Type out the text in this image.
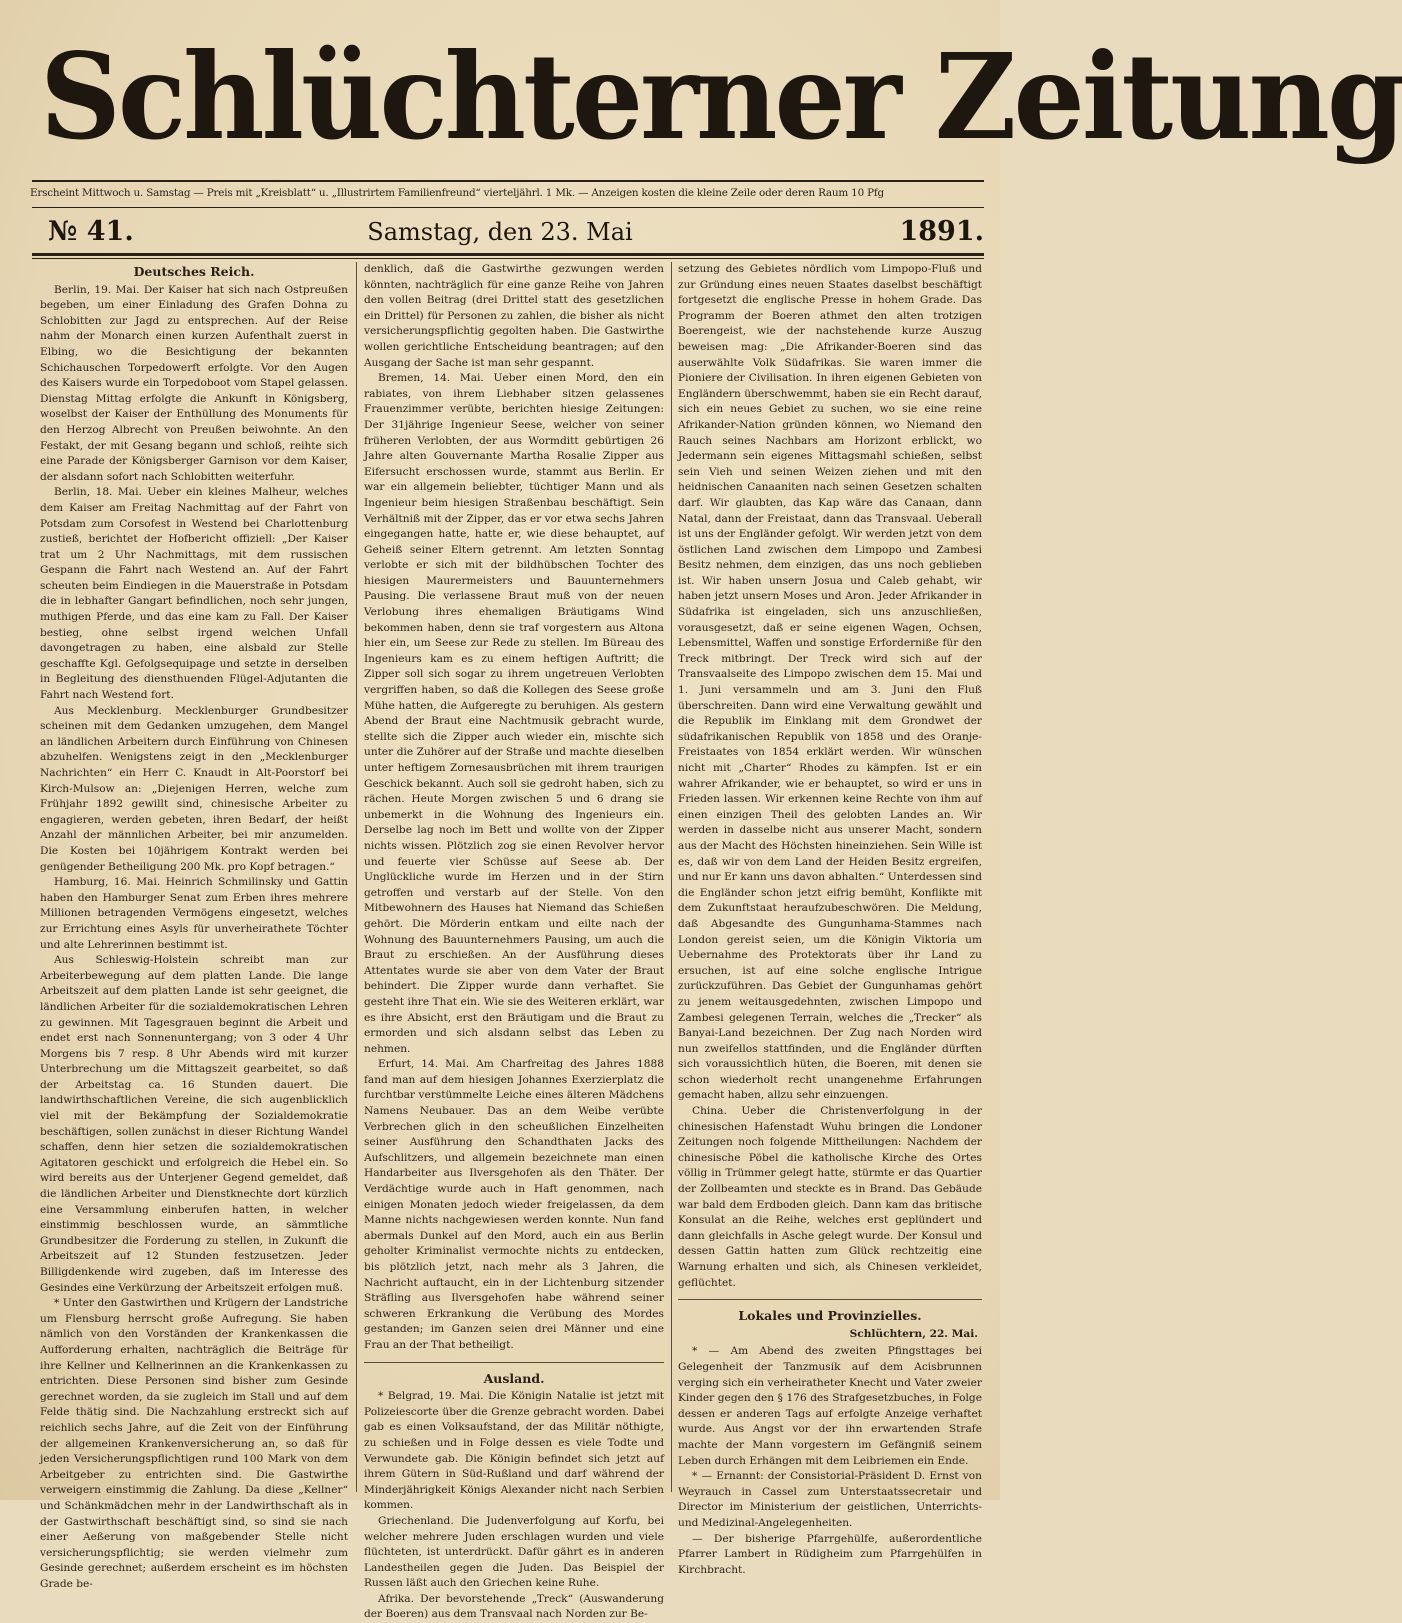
Schlüchterner Zeitung
Erscheint Mittwoch u. Samstag — Preis mit „Kreisblatt“ u. „Illustrirtem Familienfreund“ vierteljährl. 1 Mk. — Anzeigen kosten die kleine Zeile oder deren Raum 10 Pfg
№ 41.	Samstag, den 23. Mai	1891.
Deutsches Reich.

Berlin, 19. Mai. Der Kaiser hat sich nach Ostpreußen begeben, um einer Einladung des Grafen Dohna zu Schlobitten zur Jagd zu entsprechen. Auf der Reise nahm der Monarch einen kurzen Aufenthalt zuerst in Elbing, wo die Besichtigung der bekannten Schichauschen Torpedowerft erfolgte. Vor den Augen des Kaisers wurde ein Torpedoboot vom Stapel gelassen. Dienstag Mittag erfolgte die Ankunft in Königsberg, woselbst der Kaiser der Enthüllung des Monuments für den Herzog Albrecht von Preußen beiwohnte. An den Festakt, der mit Gesang begann und schloß, reihte sich eine Parade der Königsberger Garnison vor dem Kaiser, der alsdann sofort nach Schlobitten weiterfuhr.

Berlin, 18. Mai. Ueber ein kleines Malheur, welches dem Kaiser am Freitag Nachmittag auf der Fahrt von Potsdam zum Corsofest in Westend bei Charlottenburg zustieß, berichtet der Hofbericht offiziell: „Der Kaiser trat um 2 Uhr Nachmittags, mit dem russischen Gespann die Fahrt nach Westend an. Auf der Fahrt scheuten beim Eindiegen in die Mauerstraße in Potsdam die in lebhafter Gangart befindlichen, noch sehr jungen, muthigen Pferde, und das eine kam zu Fall. Der Kaiser bestieg, ohne selbst irgend welchen Unfall davongetragen zu haben, eine alsbald zur Stelle geschaffte Kgl. Gefolgsequipage und setzte in derselben in Begleitung des diensthuenden Flügel-Adjutanten die Fahrt nach Westend fort.

Aus Mecklenburg. Mecklenburger Grundbesitzer scheinen mit dem Gedanken umzugehen, dem Mangel an ländlichen Arbeitern durch Einführung von Chinesen abzuhelfen. Wenigstens zeigt in den „Mecklenburger Nachrichten“ ein Herr C. Knaudt in Alt-Poorstorf bei Kirch-Mulsow an: „Diejenigen Herren, welche zum Frühjahr 1892 gewillt sind, chinesische Arbeiter zu engagieren, werden gebeten, ihren Bedarf, der heißt Anzahl der männlichen Arbeiter, bei mir anzumelden. Die Kosten bei 10jährigem Kontrakt werden bei genügender Betheiligung 200 Mk. pro Kopf betragen.“

Hamburg, 16. Mai. Heinrich Schmilinsky und Gattin haben den Hamburger Senat zum Erben ihres mehrere Millionen betragenden Vermögens eingesetzt, welches zur Errichtung eines Asyls für unverheirathete Töchter und alte Lehrerinnen bestimmt ist.

Aus Schleswig-Holstein schreibt man zur Arbeiterbewegung auf dem platten Lande. Die lange Arbeitszeit auf dem platten Lande ist sehr geeignet, die ländlichen Arbeiter für die sozialdemokratischen Lehren zu gewinnen. Mit Tagesgrauen beginnt die Arbeit und endet erst nach Sonnenuntergang; von 3 oder 4 Uhr Morgens bis 7 resp. 8 Uhr Abends wird mit kurzer Unterbrechung um die Mittagszeit gearbeitet, so daß der Arbeitstag ca. 16 Stunden dauert. Die landwirthschaftlichen Vereine, die sich augenblicklich viel mit der Bekämpfung der Sozialdemokratie beschäftigen, sollen zunächst in dieser Richtung Wandel schaffen, denn hier setzen die sozialdemokratischen Agitatoren geschickt und erfolgreich die Hebel ein. So wird bereits aus der Unterjener Gegend gemeldet, daß die ländlichen Arbeiter und Dienstknechte dort kürzlich eine Versammlung einberufen hatten, in welcher einstimmig beschlossen wurde, an sämmtliche Grundbesitzer die Forderung zu stellen, in Zukunft die Arbeitszeit auf 12 Stunden festzusetzen. Jeder Billigdenkende wird zugeben, daß im Interesse des Gesindes eine Verkürzung der Arbeitszeit erfolgen muß.

* Unter den Gastwirthen und Krügern der Landstriche um Flensburg herrscht große Aufregung. Sie haben nämlich von den Vorständen der Krankenkassen die Aufforderung erhalten, nachträglich die Beiträge für ihre Kellner und Kellnerinnen an die Krankenkassen zu entrichten. Diese Personen sind bisher zum Gesinde gerechnet worden, da sie zugleich im Stall und auf dem Felde thätig sind. Die Nachzahlung erstreckt sich auf reichlich sechs Jahre, auf die Zeit von der Einführung der allgemeinen Krankenversicherung an, so daß für jeden Versicherungspflichtigen rund 100 Mark von dem Arbeitgeber zu entrichten sind. Die Gastwirthe verweigern einstimmig die Zahlung. Da diese „Kellner“ und Schänkmädchen mehr in der Landwirthschaft als in der Gastwirthschaft beschäftigt sind, so sind sie nach einer Aeßerung von maßgebender Stelle nicht versicherungspflichtig; sie werden vielmehr zum Gesinde gerechnet; außerdem erscheint es im höchsten Grade be-

denklich, daß die Gastwirthe gezwungen werden könnten, nachträglich für eine ganze Reihe von Jahren den vollen Beitrag (drei Drittel statt des gesetzlichen ein Drittel) für Personen zu zahlen, die bisher als nicht versicherungspflichtig gegolten haben. Die Gastwirthe wollen gerichtliche Entscheidung beantragen; auf den Ausgang der Sache ist man sehr gespannt.

Bremen, 14. Mai. Ueber einen Mord, den ein rabiates, von ihrem Liebhaber sitzen gelassenes Frauenzimmer verübte, berichten hiesige Zeitungen: Der 31jährige Ingenieur Seese, welcher von seiner früheren Verlobten, der aus Wormditt gebürtigen 26 Jahre alten Gouvernante Martha Rosalie Zipper aus Eifersucht erschossen wurde, stammt aus Berlin. Er war ein allgemein beliebter, tüchtiger Mann und als Ingenieur beim hiesigen Straßenbau beschäftigt. Sein Verhältniß mit der Zipper, das er vor etwa sechs Jahren eingegangen hatte, hatte er, wie diese behauptet, auf Geheiß seiner Eltern getrennt. Am letzten Sonntag verlobte er sich mit der bildhübschen Tochter des hiesigen Maurermeisters und Bauunternehmers Pausing. Die verlassene Braut muß von der neuen Verlobung ihres ehemaligen Bräutigams Wind bekommen haben, denn sie traf vorgestern aus Altona hier ein, um Seese zur Rede zu stellen. Im Büreau des Ingenieurs kam es zu einem heftigen Auftritt; die Zipper soll sich sogar zu ihrem ungetreuen Verlobten vergriffen haben, so daß die Kollegen des Seese große Mühe hatten, die Aufgeregte zu beruhigen. Als gestern Abend der Braut eine Nachtmusik gebracht wurde, stellte sich die Zipper auch wieder ein, mischte sich unter die Zuhörer auf der Straße und machte dieselben unter heftigem Zornesausbrüchen mit ihrem traurigen Geschick bekannt. Auch soll sie gedroht haben, sich zu rächen. Heute Morgen zwischen 5 und 6 drang sie unbemerkt in die Wohnung des Ingenieurs ein. Derselbe lag noch im Bett und wollte von der Zipper nichts wissen. Plötzlich zog sie einen Revolver hervor und feuerte vier Schüsse auf Seese ab. Der Unglückliche wurde im Herzen und in der Stirn getroffen und verstarb auf der Stelle. Von den Mitbewohnern des Hauses hat Niemand das Schießen gehört. Die Mörderin entkam und eilte nach der Wohnung des Bauunternehmers Pausing, um auch die Braut zu erschießen. An der Ausführung dieses Attentates wurde sie aber von dem Vater der Braut behindert. Die Zipper wurde dann verhaftet. Sie gesteht ihre That ein. Wie sie des Weiteren erklärt, war es ihre Absicht, erst den Bräutigam und die Braut zu ermorden und sich alsdann selbst das Leben zu nehmen.

Erfurt, 14. Mai. Am Charfreitag des Jahres 1888 fand man auf dem hiesigen Johannes Exerzierplatz die furchtbar verstümmelte Leiche eines älteren Mädchens Namens Neubauer. Das an dem Weibe verübte Verbrechen glich in den scheußlichen Einzelheiten seiner Ausführung den Schandthaten Jacks des Aufschlitzers, und allgemein bezeichnete man einen Handarbeiter aus Ilversgehofen als den Thäter. Der Verdächtige wurde auch in Haft genommen, nach einigen Monaten jedoch wieder freigelassen, da dem Manne nichts nachgewiesen werden konnte. Nun fand abermals Dunkel auf den Mord, auch ein aus Berlin geholter Kriminalist vermochte nichts zu entdecken, bis plötzlich jetzt, nach mehr als 3 Jahren, die Nachricht auftaucht, ein in der Lichtenburg sitzender Sträfling aus Ilversgehofen habe während seiner schweren Erkrankung die Verübung des Mordes gestanden; im Ganzen seien drei Männer und eine Frau an der That betheiligt.

Ausland.

* Belgrad, 19. Mai. Die Königin Natalie ist jetzt mit Polizeiescorte über die Grenze gebracht worden. Dabei gab es einen Volksaufstand, der das Militär nöthigte, zu schießen und in Folge dessen es viele Todte und Verwundete gab. Die Königin befindet sich jetzt auf ihrem Gütern in Süd-Rußland und darf während der Minderjährigkeit Königs Alexander nicht nach Serbien kommen.

Griechenland. Die Judenverfolgung auf Korfu, bei welcher mehrere Juden erschlagen wurden und viele flüchteten, ist unterdrückt. Dafür gährt es in anderen Landestheilen gegen die Juden. Das Beispiel der Russen läßt auch den Griechen keine Ruhe.

Afrika. Der bevorstehende „Treck“ (Auswanderung der Boeren) aus dem Transvaal nach Norden zur Be-

setzung des Gebietes nördlich vom Limpopo-Fluß und zur Gründung eines neuen Staates daselbst beschäftigt fortgesetzt die englische Presse in hohem Grade. Das Programm der Boeren athmet den alten trotzigen Boerengeist, wie der nachstehende kurze Auszug beweisen mag: „Die Afrikander-Boeren sind das auserwählte Volk Südafrikas. Sie waren immer die Pioniere der Civilisation. In ihren eigenen Gebieten von Engländern überschwemmt, haben sie ein Recht darauf, sich ein neues Gebiet zu suchen, wo sie eine reine Afrikander-Nation gründen können, wo Niemand den Rauch seines Nachbars am Horizont erblickt, wo Jedermann sein eigenes Mittagsmahl schießen, selbst sein Vieh und seinen Weizen ziehen und mit den heidnischen Canaaniten nach seinen Gesetzen schalten darf. Wir glaubten, das Kap wäre das Canaan, dann Natal, dann der Freistaat, dann das Transvaal. Ueberall ist uns der Engländer gefolgt. Wir werden jetzt von dem östlichen Land zwischen dem Limpopo und Zambesi Besitz nehmen, dem einzigen, das uns noch geblieben ist. Wir haben unsern Josua und Caleb gehabt, wir haben jetzt unsern Moses und Aron. Jeder Afrikander in Südafrika ist eingeladen, sich uns anzuschließen, vorausgesetzt, daß er seine eigenen Wagen, Ochsen, Lebensmittel, Waffen und sonstige Erforderniße für den Treck mitbringt. Der Treck wird sich auf der Transvaalseite des Limpopo zwischen dem 15. Mai und 1. Juni versammeln und am 3. Juni den Fluß überschreiten. Dann wird eine Verwaltung gewählt und die Republik im Einklang mit dem Grondwet der südafrikanischen Republik von 1858 und des Oranje-Freistaates von 1854 erklärt werden. Wir wünschen nicht mit „Charter“ Rhodes zu kämpfen. Ist er ein wahrer Afrikander, wie er behauptet, so wird er uns in Frieden lassen. Wir erkennen keine Rechte von ihm auf einen einzigen Theil des gelobten Landes an. Wir werden in dasselbe nicht aus unserer Macht, sondern aus der Macht des Höchsten hineinziehen. Sein Wille ist es, daß wir von dem Land der Heiden Besitz ergreifen, und nur Er kann uns davon abhalten.“ Unterdessen sind die Engländer schon jetzt eifrig bemüht, Konflikte mit dem Zukunftstaat heraufzubeschwören. Die Meldung, daß Abgesandte des Gungunhama-Stammes nach London gereist seien, um die Königin Viktoria um Uebernahme des Protektorats über ihr Land zu ersuchen, ist auf eine solche englische Intrigue zurückzuführen. Das Gebiet der Gungunhamas gehört zu jenem weitausgedehnten, zwischen Limpopo und Zambesi gelegenen Terrain, welches die „Trecker“ als Banyai-Land bezeichnen. Der Zug nach Norden wird nun zweifellos stattfinden, und die Engländer dürften sich voraussichtlich hüten, die Boeren, mit denen sie schon wiederholt recht unangenehme Erfahrungen gemacht haben, allzu sehr einzuengen.

China. Ueber die Christenverfolgung in der chinesischen Hafenstadt Wuhu bringen die Londoner Zeitungen noch folgende Mittheilungen: Nachdem der chinesische Pöbel die katholische Kirche des Ortes völlig in Trümmer gelegt hatte, stürmte er das Quartier der Zollbeamten und steckte es in Brand. Das Gebäude war bald dem Erdboden gleich. Dann kam das britische Konsulat an die Reihe, welches erst geplündert und dann gleichfalls in Asche gelegt wurde. Der Konsul und dessen Gattin hatten zum Glück rechtzeitig eine Warnung erhalten und sich, als Chinesen verkleidet, geflüchtet.

Lokales und Provinzielles.
Schlüchtern, 22. Mai.

* — Am Abend des zweiten Pfingsttages bei Gelegenheit der Tanzmusik auf dem Acisbrunnen verging sich ein verheiratheter Knecht und Vater zweier Kinder gegen den § 176 des Strafgesetzbuches, in Folge dessen er anderen Tags auf erfolgte Anzeige verhaftet wurde. Aus Angst vor der ihn erwartenden Strafe machte der Mann vorgestern im Gefängniß seinem Leben durch Erhängen mit dem Leibriemen ein Ende.

* — Ernannt: der Consistorial-Präsident D. Ernst von Weyrauch in Cassel zum Unterstaatssecretair und Director im Ministerium der geistlichen, Unterrichts- und Medizinal-Angelegenheiten.

— Der bisherige Pfarrgehülfe, außerordentliche Pfarrer Lambert in Rüdigheim zum Pfarrgehülfen in Kirchbracht.
